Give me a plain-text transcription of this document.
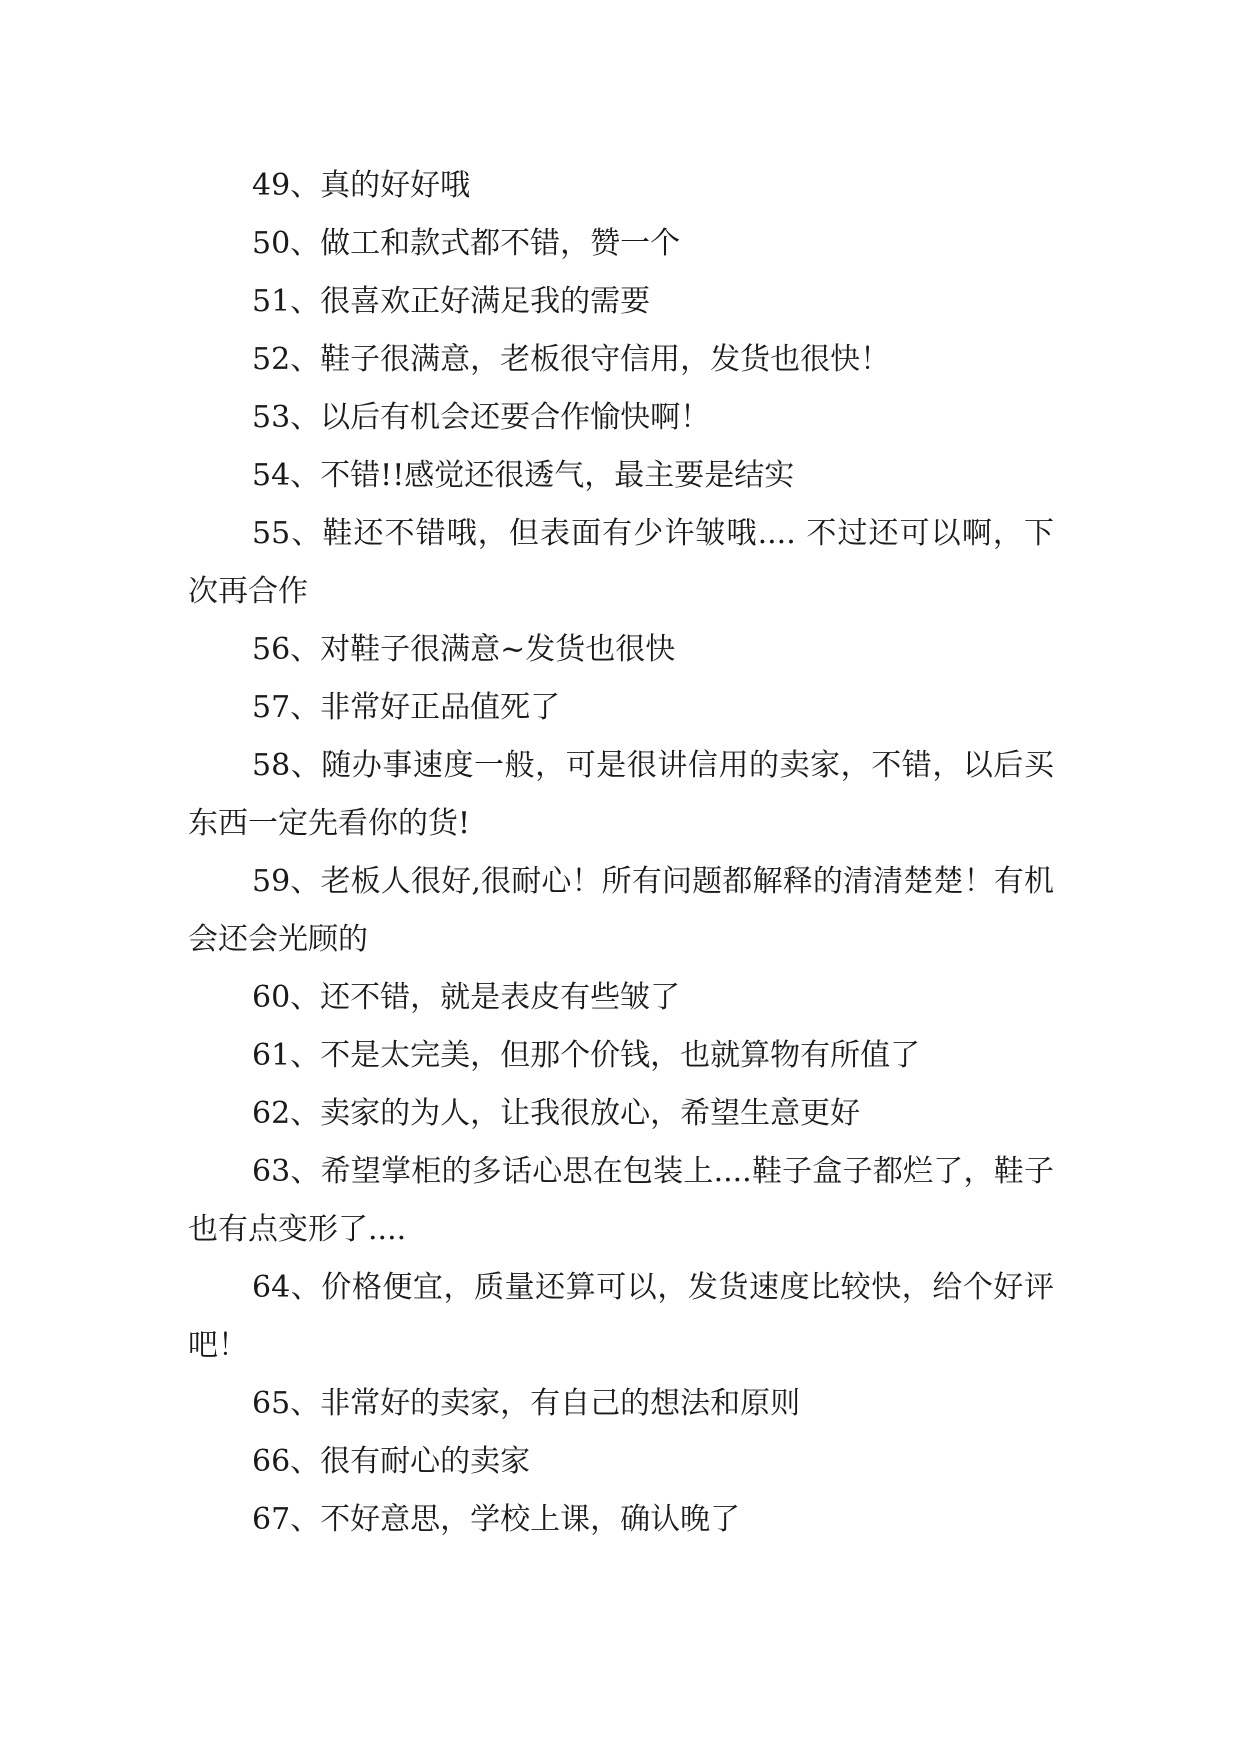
49、真的好好哦

50、做工和款式都不错，赞一个

51、很喜欢正好满足我的需要

52、鞋子很满意，老板很守信用，发货也很快！

53、以后有机会还要合作愉快啊！

54、不错!!感觉还很透气，最主要是结实

55、鞋还不错哦，但表面有少许皱哦.... 不过还可以啊，下次再合作

56、对鞋子很满意~发货也很快

57、非常好正品值死了

58、随办事速度一般，可是很讲信用的卖家，不错，以后买东西一定先看你的货!

59、老板人很好,很耐心！所有问题都解释的清清楚楚！有机会还会光顾的

60、还不错，就是表皮有些皱了

61、不是太完美，但那个价钱，也就算物有所值了

62、卖家的为人，让我很放心，希望生意更好

63、希望掌柜的多话心思在包装上....鞋子盒子都烂了，鞋子也有点变形了....

64、价格便宜，质量还算可以，发货速度比较快，给个好评吧！

65、非常好的卖家，有自己的想法和原则

66、很有耐心的卖家

67、不好意思，学校上课，确认晚了
